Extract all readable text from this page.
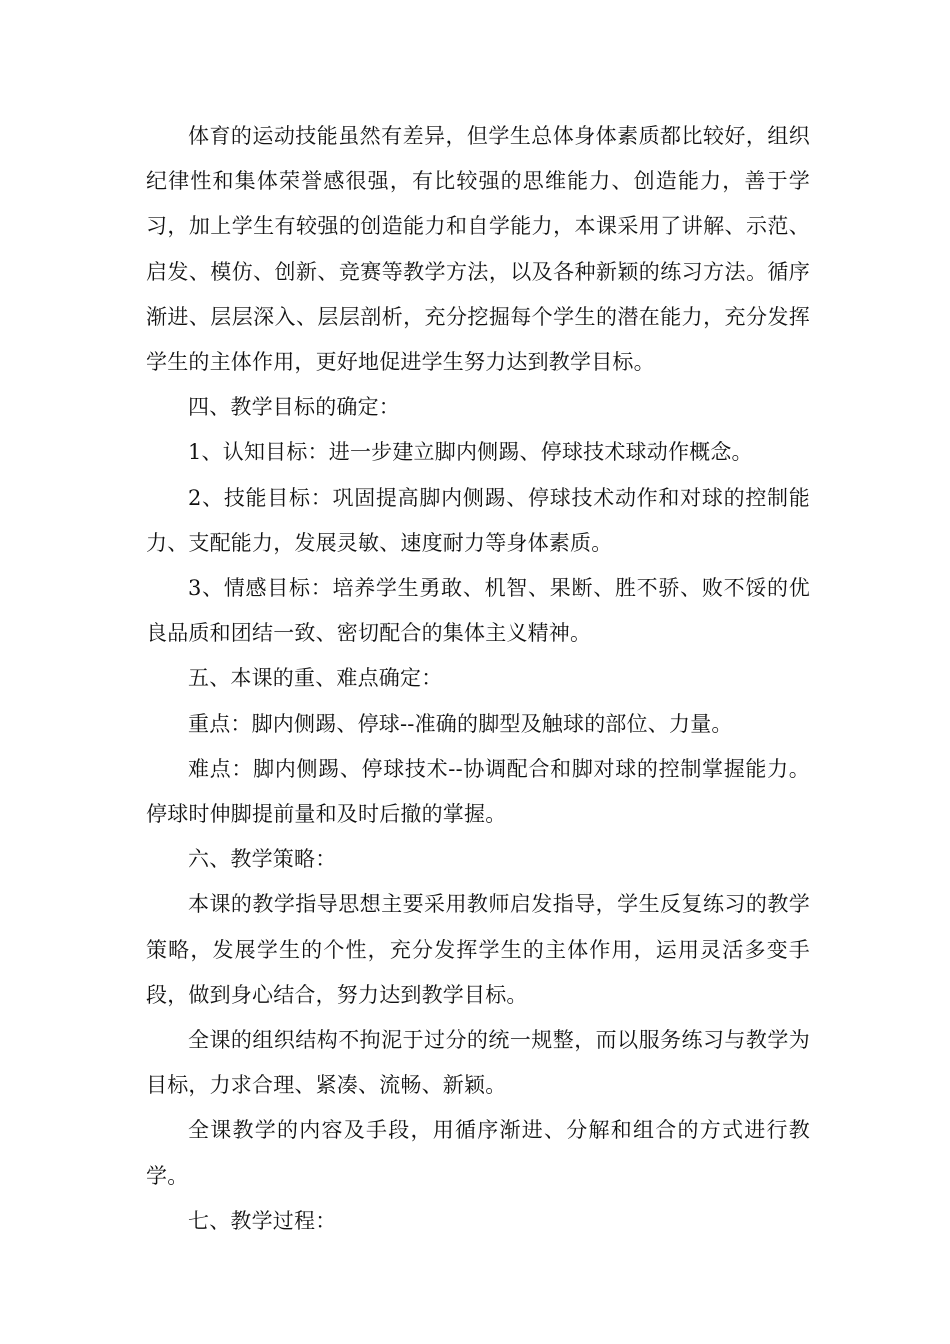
体育的运动技能虽然有差异，但学生总体身体素质都比较好，组织纪律性和集体荣誉感很强，有比较强的思维能力、创造能力，善于学习，加上学生有较强的创造能力和自学能力，本课采用了讲解、示范、启发、模仿、创新、竞赛等教学方法，以及各种新颖的练习方法。循序渐进、层层深入、层层剖析，充分挖掘每个学生的潜在能力，充分发挥学生的主体作用，更好地促进学生努力达到教学目标。

四、教学目标的确定：

1、认知目标：进一步建立脚内侧踢、停球技术球动作概念。

2、技能目标：巩固提高脚内侧踢、停球技术动作和对球的控制能力、支配能力，发展灵敏、速度耐力等身体素质。

3、情感目标：培养学生勇敢、机智、果断、胜不骄、败不馁的优良品质和团结一致、密切配合的集体主义精神。

五、本课的重、难点确定：

重点：脚内侧踢、停球--准确的脚型及触球的部位、力量。

难点：脚内侧踢、停球技术--协调配合和脚对球的控制掌握能力。停球时伸脚提前量和及时后撤的掌握。

六、教学策略：

本课的教学指导思想主要采用教师启发指导，学生反复练习的教学策略，发展学生的个性，充分发挥学生的主体作用，运用灵活多变手段，做到身心结合，努力达到教学目标。

全课的组织结构不拘泥于过分的统一规整，而以服务练习与教学为目标，力求合理、紧凑、流畅、新颖。

全课教学的内容及手段，用循序渐进、分解和组合的方式进行教学。

七、教学过程：
